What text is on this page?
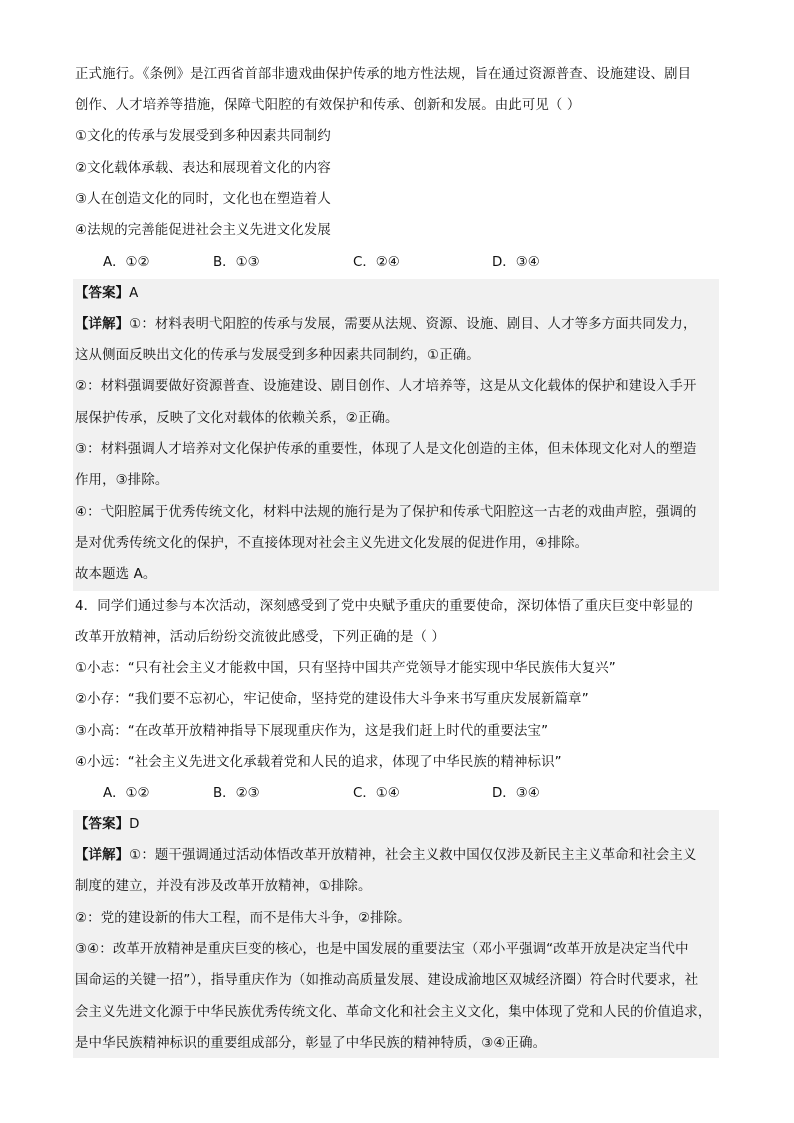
正式施行。《条例》是江西省首部非遗戏曲保护传承的地方性法规，旨在通过资源普查、设施建设、剧目
创作、人才培养等措施，保障弋阳腔的有效保护和传承、创新和发展。由此可见（ ）
①文化的传承与发展受到多种因素共同制约
②文化载体承载、表达和展现着文化的内容
③人在创造文化的同时，文化也在塑造着人
④法规的完善能促进社会主义先进文化发展
A．①②	B．①③	C．②④	D．③④
【答案】A
【详解】①：材料表明弋阳腔的传承与发展，需要从法规、资源、设施、剧目、人才等多方面共同发力，
这从侧面反映出文化的传承与发展受到多种因素共同制约，①正确。
②：材料强调要做好资源普查、设施建设、剧目创作、人才培养等，这是从文化载体的保护和建设入手开
展保护传承，反映了文化对载体的依赖关系，②正确。
③：材料强调人才培养对文化保护传承的重要性，体现了人是文化创造的主体，但未体现文化对人的塑造
作用，③排除。
④：弋阳腔属于优秀传统文化，材料中法规的施行是为了保护和传承弋阳腔这一古老的戏曲声腔，强调的
是对优秀传统文化的保护，不直接体现对社会主义先进文化发展的促进作用，④排除。
故本题选 A。
4．同学们通过参与本次活动，深刻感受到了党中央赋予重庆的重要使命，深切体悟了重庆巨变中彰显的
改革开放精神，活动后纷纷交流彼此感受，下列正确的是（ ）
①小志：“只有社会主义才能救中国，只有坚持中国共产党领导才能实现中华民族伟大复兴”
②小存：“我们要不忘初心，牢记使命，坚持党的建设伟大斗争来书写重庆发展新篇章”
③小高：“在改革开放精神指导下展现重庆作为，这是我们赶上时代的重要法宝”
④小远：“社会主义先进文化承载着党和人民的追求，体现了中华民族的精神标识”
A．①②	B．②③	C．①④	D．③④
【答案】D
【详解】①：题干强调通过活动体悟改革开放精神，社会主义救中国仅仅涉及新民主主义革命和社会主义
制度的建立，并没有涉及改革开放精神，①排除。
②：党的建设新的伟大工程，而不是伟大斗争，②排除。
③④：改革开放精神是重庆巨变的核心，也是中国发展的重要法宝（邓小平强调“改革开放是决定当代中
国命运的关键一招”），指导重庆作为（如推动高质量发展、建设成渝地区双城经济圈）符合时代要求，社
会主义先进文化源于中华民族优秀传统文化、革命文化和社会主义文化，集中体现了党和人民的价值追求，
是中华民族精神标识的重要组成部分，彰显了中华民族的精神特质，③④正确。
